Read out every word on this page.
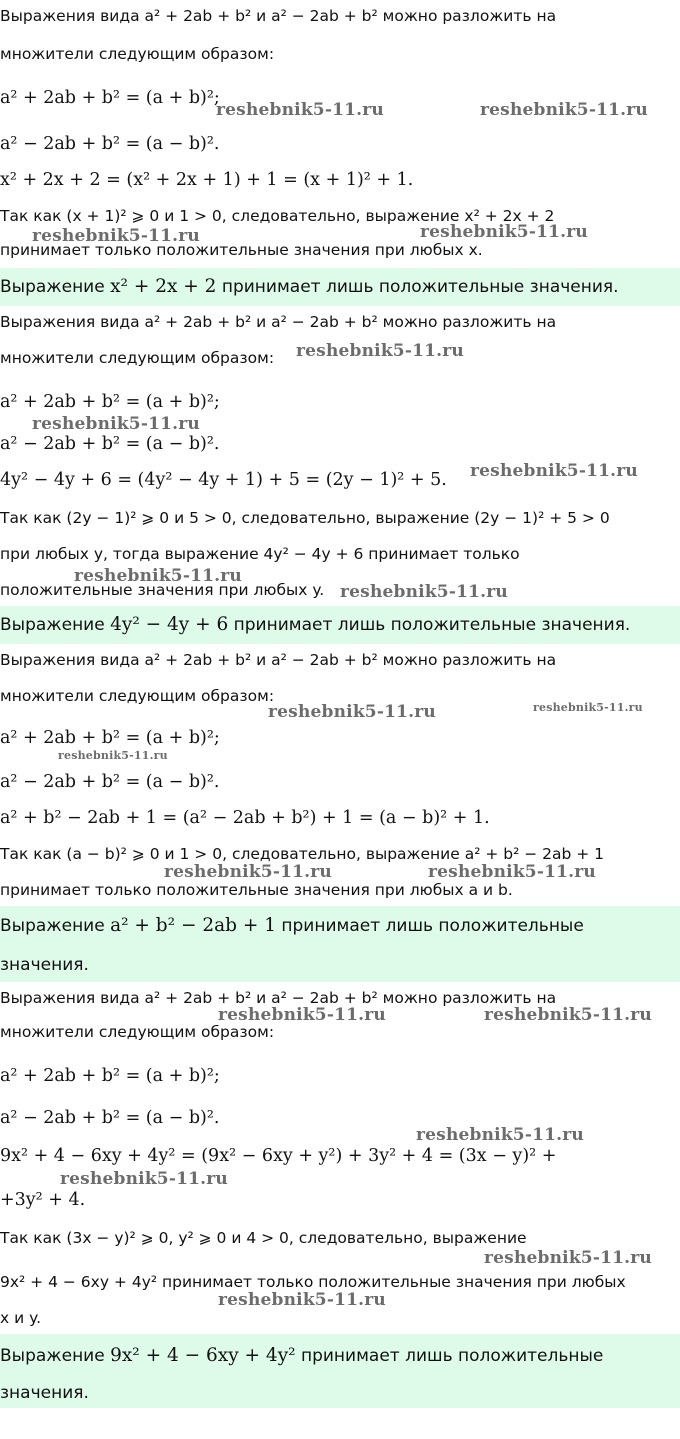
Выражения вида a² + 2ab + b² и a² − 2ab + b² можно разложить на
множители следующим образом:
a² + 2ab + b² = (a + b)²;
a² − 2ab + b² = (a − b)².
x² + 2x + 2 = (x² + 2x + 1) + 1 = (x + 1)² + 1.
Так как (x + 1)² ⩾ 0 и 1 > 0, следовательно, выражение x² + 2x + 2
принимает только положительные значения при любых x.
Выражение x² + 2x + 2 принимает лишь положительные значения.
Выражения вида a² + 2ab + b² и a² − 2ab + b² можно разложить на
множители следующим образом:
a² + 2ab + b² = (a + b)²;
a² − 2ab + b² = (a − b)².
4y² − 4y + 6 = (4y² − 4y + 1) + 5 = (2y − 1)² + 5.
Так как (2y − 1)² ⩾ 0 и 5 > 0, следовательно, выражение (2y − 1)² + 5 > 0
при любых y, тогда выражение 4y² − 4y + 6 принимает только
положительные значения при любых y.
Выражение 4y² − 4y + 6 принимает лишь положительные значения.
Выражения вида a² + 2ab + b² и a² − 2ab + b² можно разложить на
множители следующим образом:
a² + 2ab + b² = (a + b)²;
a² − 2ab + b² = (a − b)².
a² + b² − 2ab + 1 = (a² − 2ab + b²) + 1 = (a − b)² + 1.
Так как (a − b)² ⩾ 0 и 1 > 0, следовательно, выражение a² + b² − 2ab + 1
принимает только положительные значения при любых a и b.
Выражение a² + b² − 2ab + 1 принимает лишь положительные
значения.
Выражения вида a² + 2ab + b² и a² − 2ab + b² можно разложить на
множители следующим образом:
a² + 2ab + b² = (a + b)²;
a² − 2ab + b² = (a − b)².
9x² + 4 − 6xy + 4y² = (9x² − 6xy + y²) + 3y² + 4 = (3x − y)² +
+3y² + 4.
Так как (3x − y)² ⩾ 0, y² ⩾ 0 и 4 > 0, следовательно, выражение
9x² + 4 − 6xy + 4y² принимает только положительные значения при любых
x и y.
Выражение 9x² + 4 − 6xy + 4y² принимает лишь положительные
значения.
reshebnik5-11.ru	reshebnik5-11.ru
reshebnik5-11.ru	reshebnik5-11.ru
reshebnik5-11.ru
reshebnik5-11.ru
reshebnik5-11.ru
reshebnik5-11.ru
reshebnik5-11.ru
reshebnik5-11.ru	reshebnik5-11.ru
reshebnik5-11.ru
reshebnik5-11.ru	reshebnik5-11.ru
reshebnik5-11.ru	reshebnik5-11.ru
reshebnik5-11.ru
reshebnik5-11.ru
reshebnik5-11.ru
reshebnik5-11.ru
